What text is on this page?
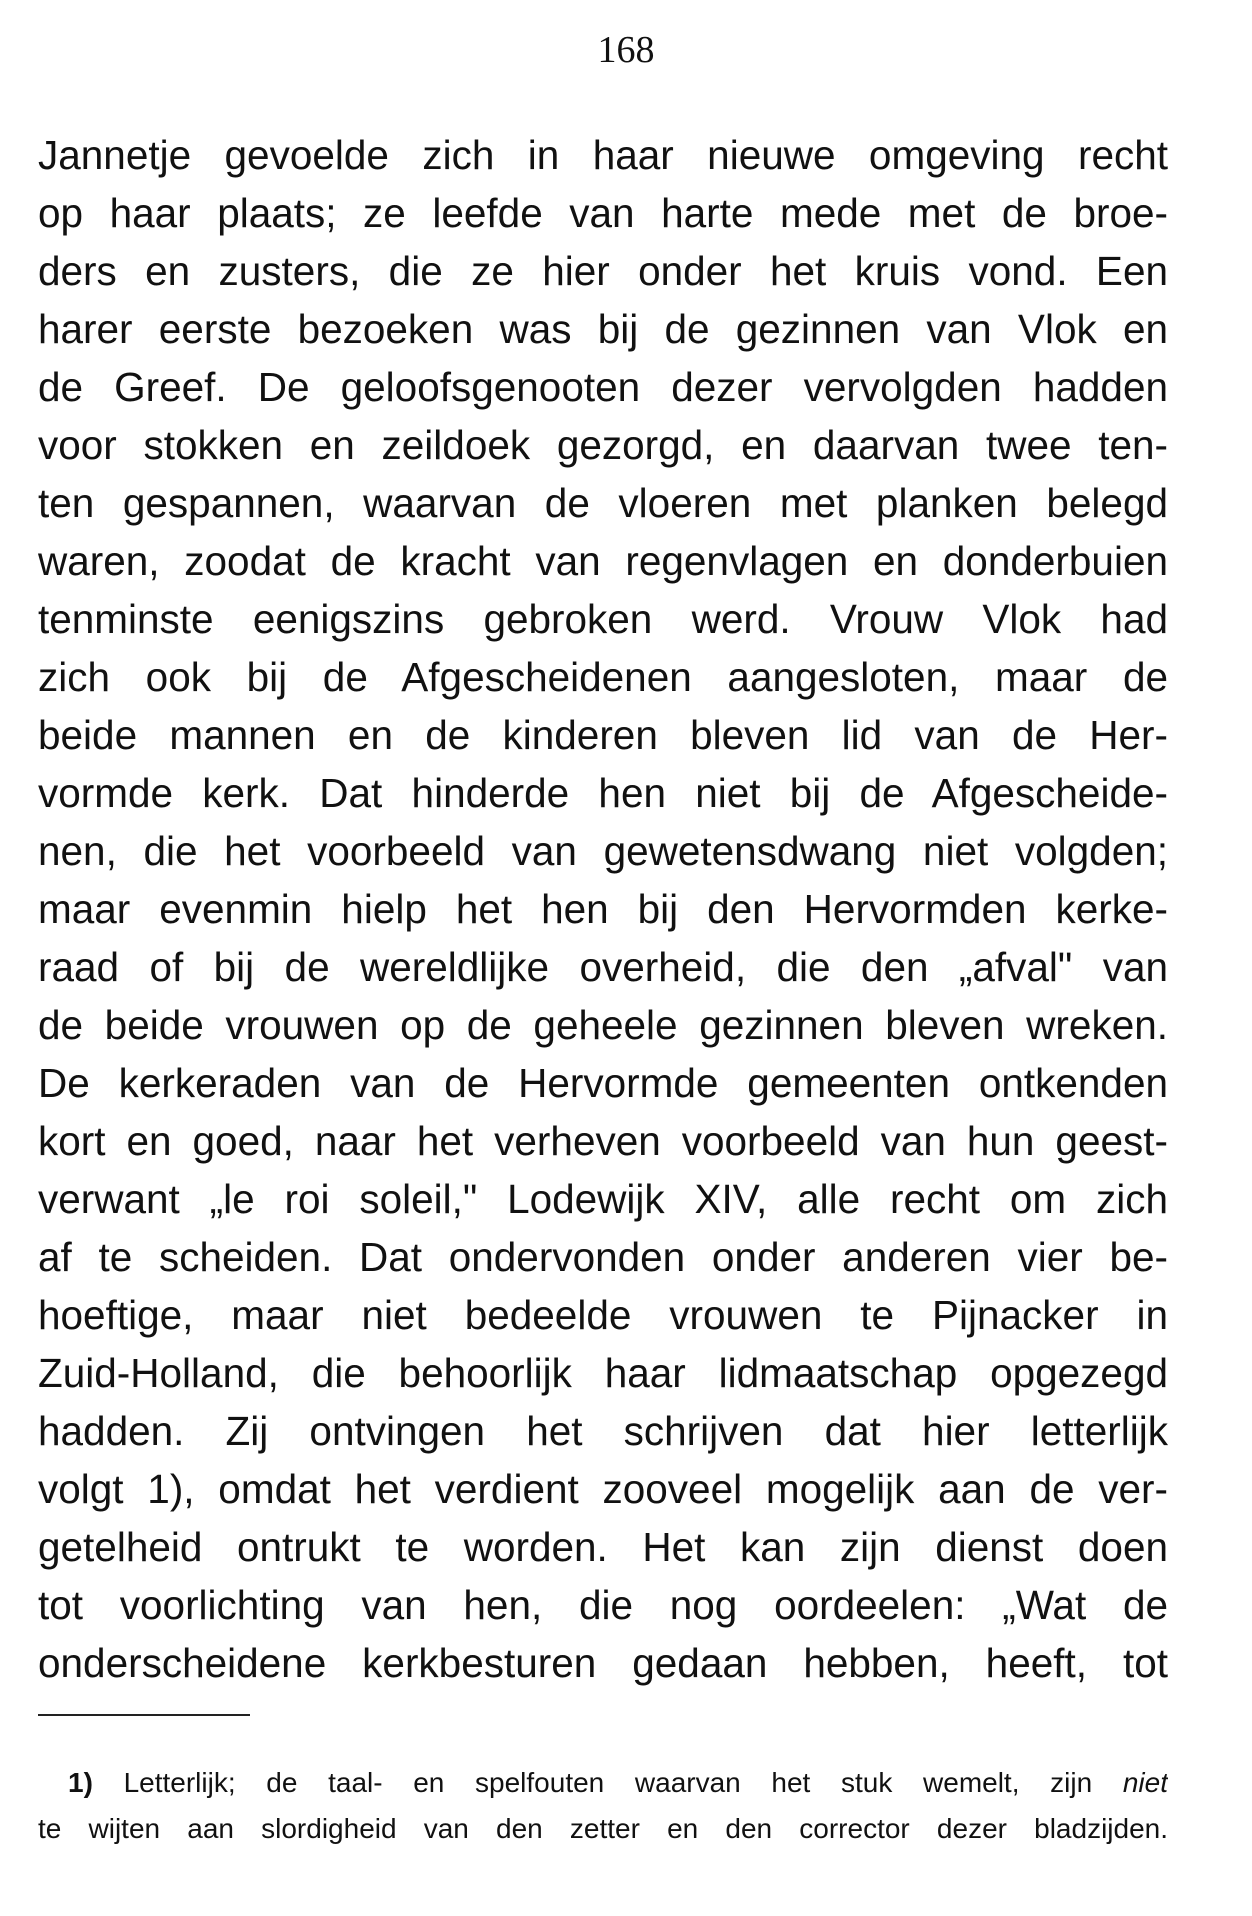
168
Jannetje gevoelde zich in haar nieuwe omgeving recht
op haar plaats; ze leefde van harte mede met de broe-
ders en zusters, die ze hier onder het kruis vond. Een
harer eerste bezoeken was bij de gezinnen van Vlok en
de Greef. De geloofsgenooten dezer vervolgden hadden
voor stokken en zeildoek gezorgd, en daarvan twee ten-
ten gespannen, waarvan de vloeren met planken belegd
waren, zoodat de kracht van regenvlagen en donderbuien
tenminste eenigszins gebroken werd. Vrouw Vlok had
zich ook bij de Afgescheidenen aangesloten, maar de
beide mannen en de kinderen bleven lid van de Her-
vormde kerk. Dat hinderde hen niet bij de Afgescheide-
nen, die het voorbeeld van gewetensdwang niet volgden;
maar evenmin hielp het hen bij den Hervormden kerke-
raad of bij de wereldlijke overheid, die den „afval" van
de beide vrouwen op de geheele gezinnen bleven wreken.
De kerkeraden van de Hervormde gemeenten ontkenden
kort en goed, naar het verheven voorbeeld van hun geest-
verwant „le roi soleil," Lodewijk XIV, alle recht om zich
af te scheiden. Dat ondervonden onder anderen vier be-
hoeftige, maar niet bedeelde vrouwen te Pijnacker in
Zuid-Holland, die behoorlijk haar lidmaatschap opgezegd
hadden. Zij ontvingen het schrijven dat hier letterlijk
volgt 1), omdat het verdient zooveel mogelijk aan de ver-
getelheid ontrukt te worden. Het kan zijn dienst doen
tot voorlichting van hen, die nog oordeelen: „Wat de
onderscheidene kerkbesturen gedaan hebben, heeft, tot
1) Letterlijk; de taal- en spelfouten waarvan het stuk wemelt, zijn niet
te wijten aan slordigheid van den zetter en den corrector dezer bladzijden.
